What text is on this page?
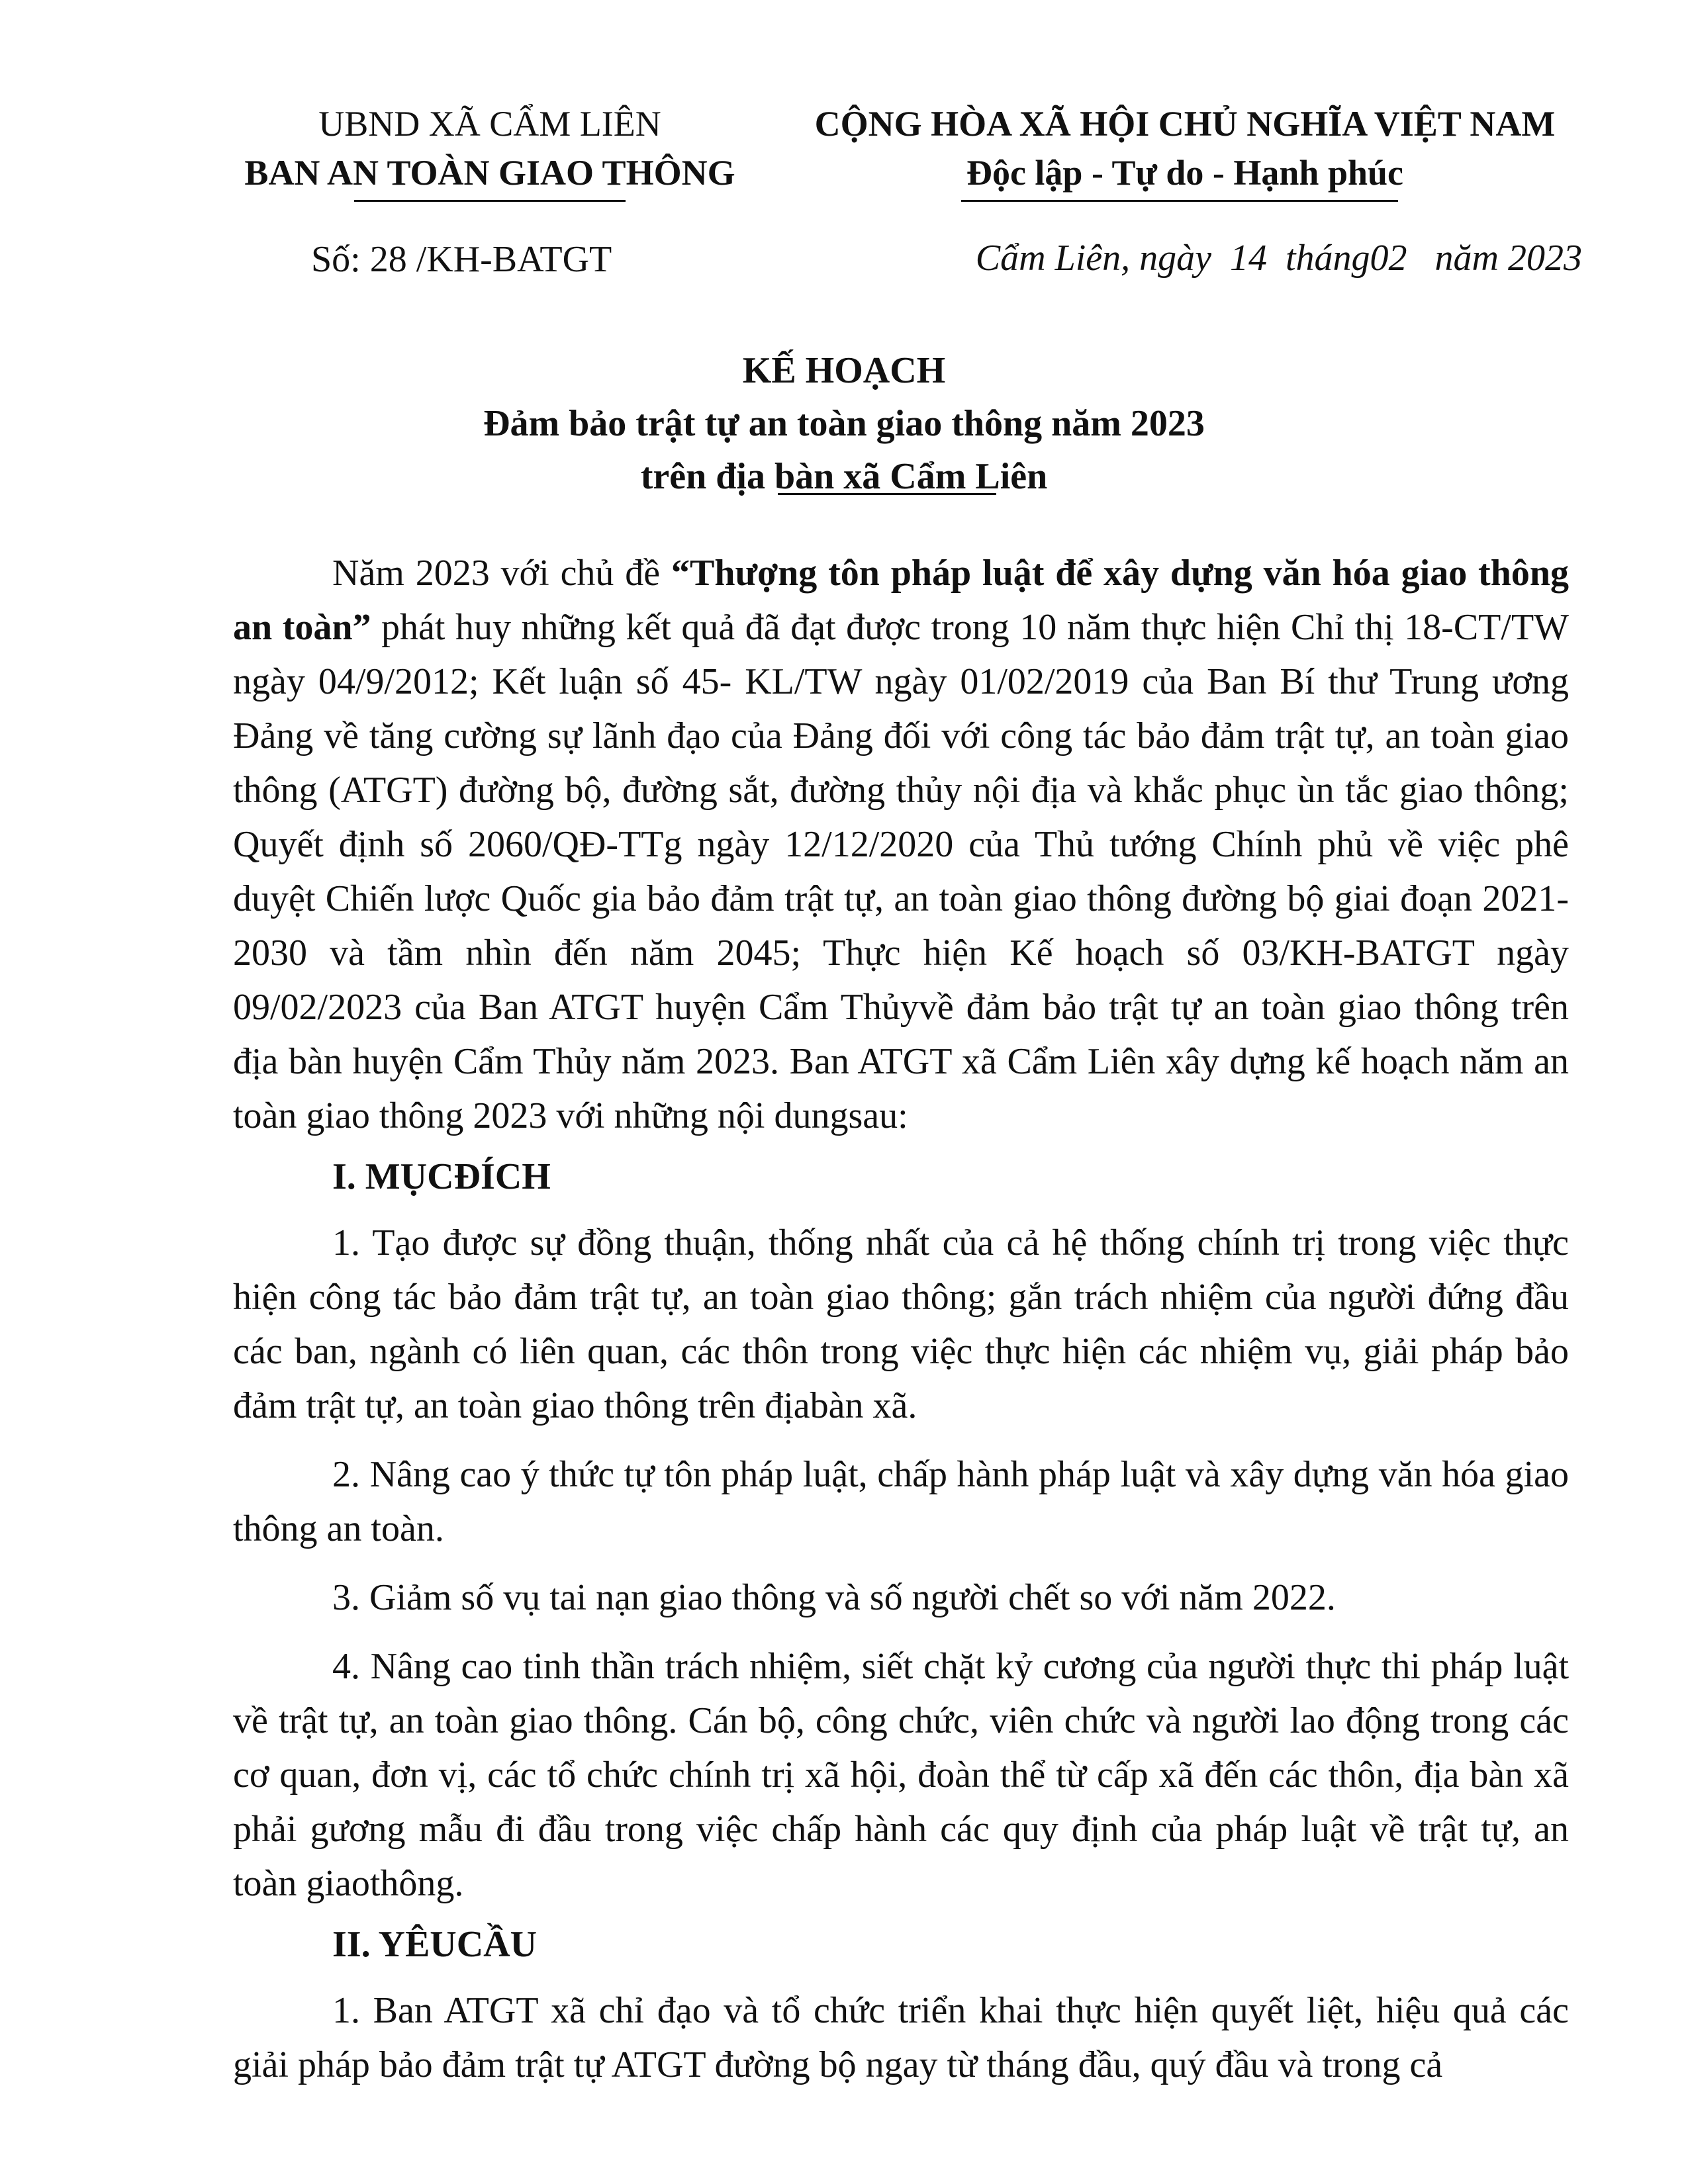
UBND XÃ CẨM LIÊN
BAN AN TOÀN GIAO THÔNG
CỘNG HÒA XÃ HỘI CHỦ NGHĨA VIỆT NAM
Độc lập - Tự do - Hạnh phúc
Số: 28 /KH-BATGT	Cẩm Liên, ngày  14  tháng02   năm 2023
KẾ HOẠCH
Đảm bảo trật tự an toàn giao thông năm 2023
trên địa bàn xã Cẩm Liên

Năm 2023 với chủ đề “Thượng tôn pháp luật để xây dựng văn hóa giao thông an toàn” phát huy những kết quả đã đạt được trong 10 năm thực hiện Chỉ thị 18-CT/TW ngày 04/9/2012; Kết luận số 45- KL/TW ngày 01/02/2019 của Ban Bí thư Trung ương Đảng về tăng cường sự lãnh đạo của Đảng đối với công tác bảo đảm trật tự, an toàn giao thông (ATGT) đường bộ, đường sắt, đường thủy nội địa và khắc phục ùn tắc giao thông; Quyết định số 2060/QĐ-TTg ngày 12/12/2020 của Thủ tướng Chính phủ về việc phê duyệt Chiến lược Quốc gia bảo đảm trật tự, an toàn giao thông đường bộ giai đoạn 2021-2030 và tầm nhìn đến năm 2045; Thực hiện Kế hoạch số 03/KH-BATGT ngày 09/02/2023 của Ban ATGT huyện Cẩm Thủyvề đảm bảo trật tự an toàn giao thông trên địa bàn huyện Cẩm Thủy năm 2023. Ban ATGT xã Cẩm Liên xây dựng kế hoạch năm an toàn giao thông 2023 với những nội dungsau:

I. MỤCĐÍCH

1. Tạo được sự đồng thuận, thống nhất của cả hệ thống chính trị trong việc thực hiện công tác bảo đảm trật tự, an toàn giao thông; gắn trách nhiệm của người đứng đầu các ban, ngành có liên quan, các thôn trong việc thực hiện các nhiệm vụ, giải pháp bảo đảm trật tự, an toàn giao thông trên địabàn xã.

2. Nâng cao ý thức tự tôn pháp luật, chấp hành pháp luật và xây dựng văn hóa giao thông an toàn.

3. Giảm số vụ tai nạn giao thông và số người chết so với năm 2022.

4. Nâng cao tinh thần trách nhiệm, siết chặt kỷ cương của người thực thi pháp luật về trật tự, an toàn giao thông. Cán bộ, công chức, viên chức và người lao động trong các cơ quan, đơn vị, các tổ chức chính trị xã hội, đoàn thể từ cấp xã đến các thôn, địa bàn xã phải gương mẫu đi đầu trong việc chấp hành các quy định của pháp luật về trật tự, an toàn giaothông.

II. YÊUCẦU

1. Ban ATGT xã chỉ đạo và tổ chức triển khai thực hiện quyết liệt, hiệu quả các giải pháp bảo đảm trật tự ATGT đường bộ ngay từ tháng đầu, quý đầu và trong cả
